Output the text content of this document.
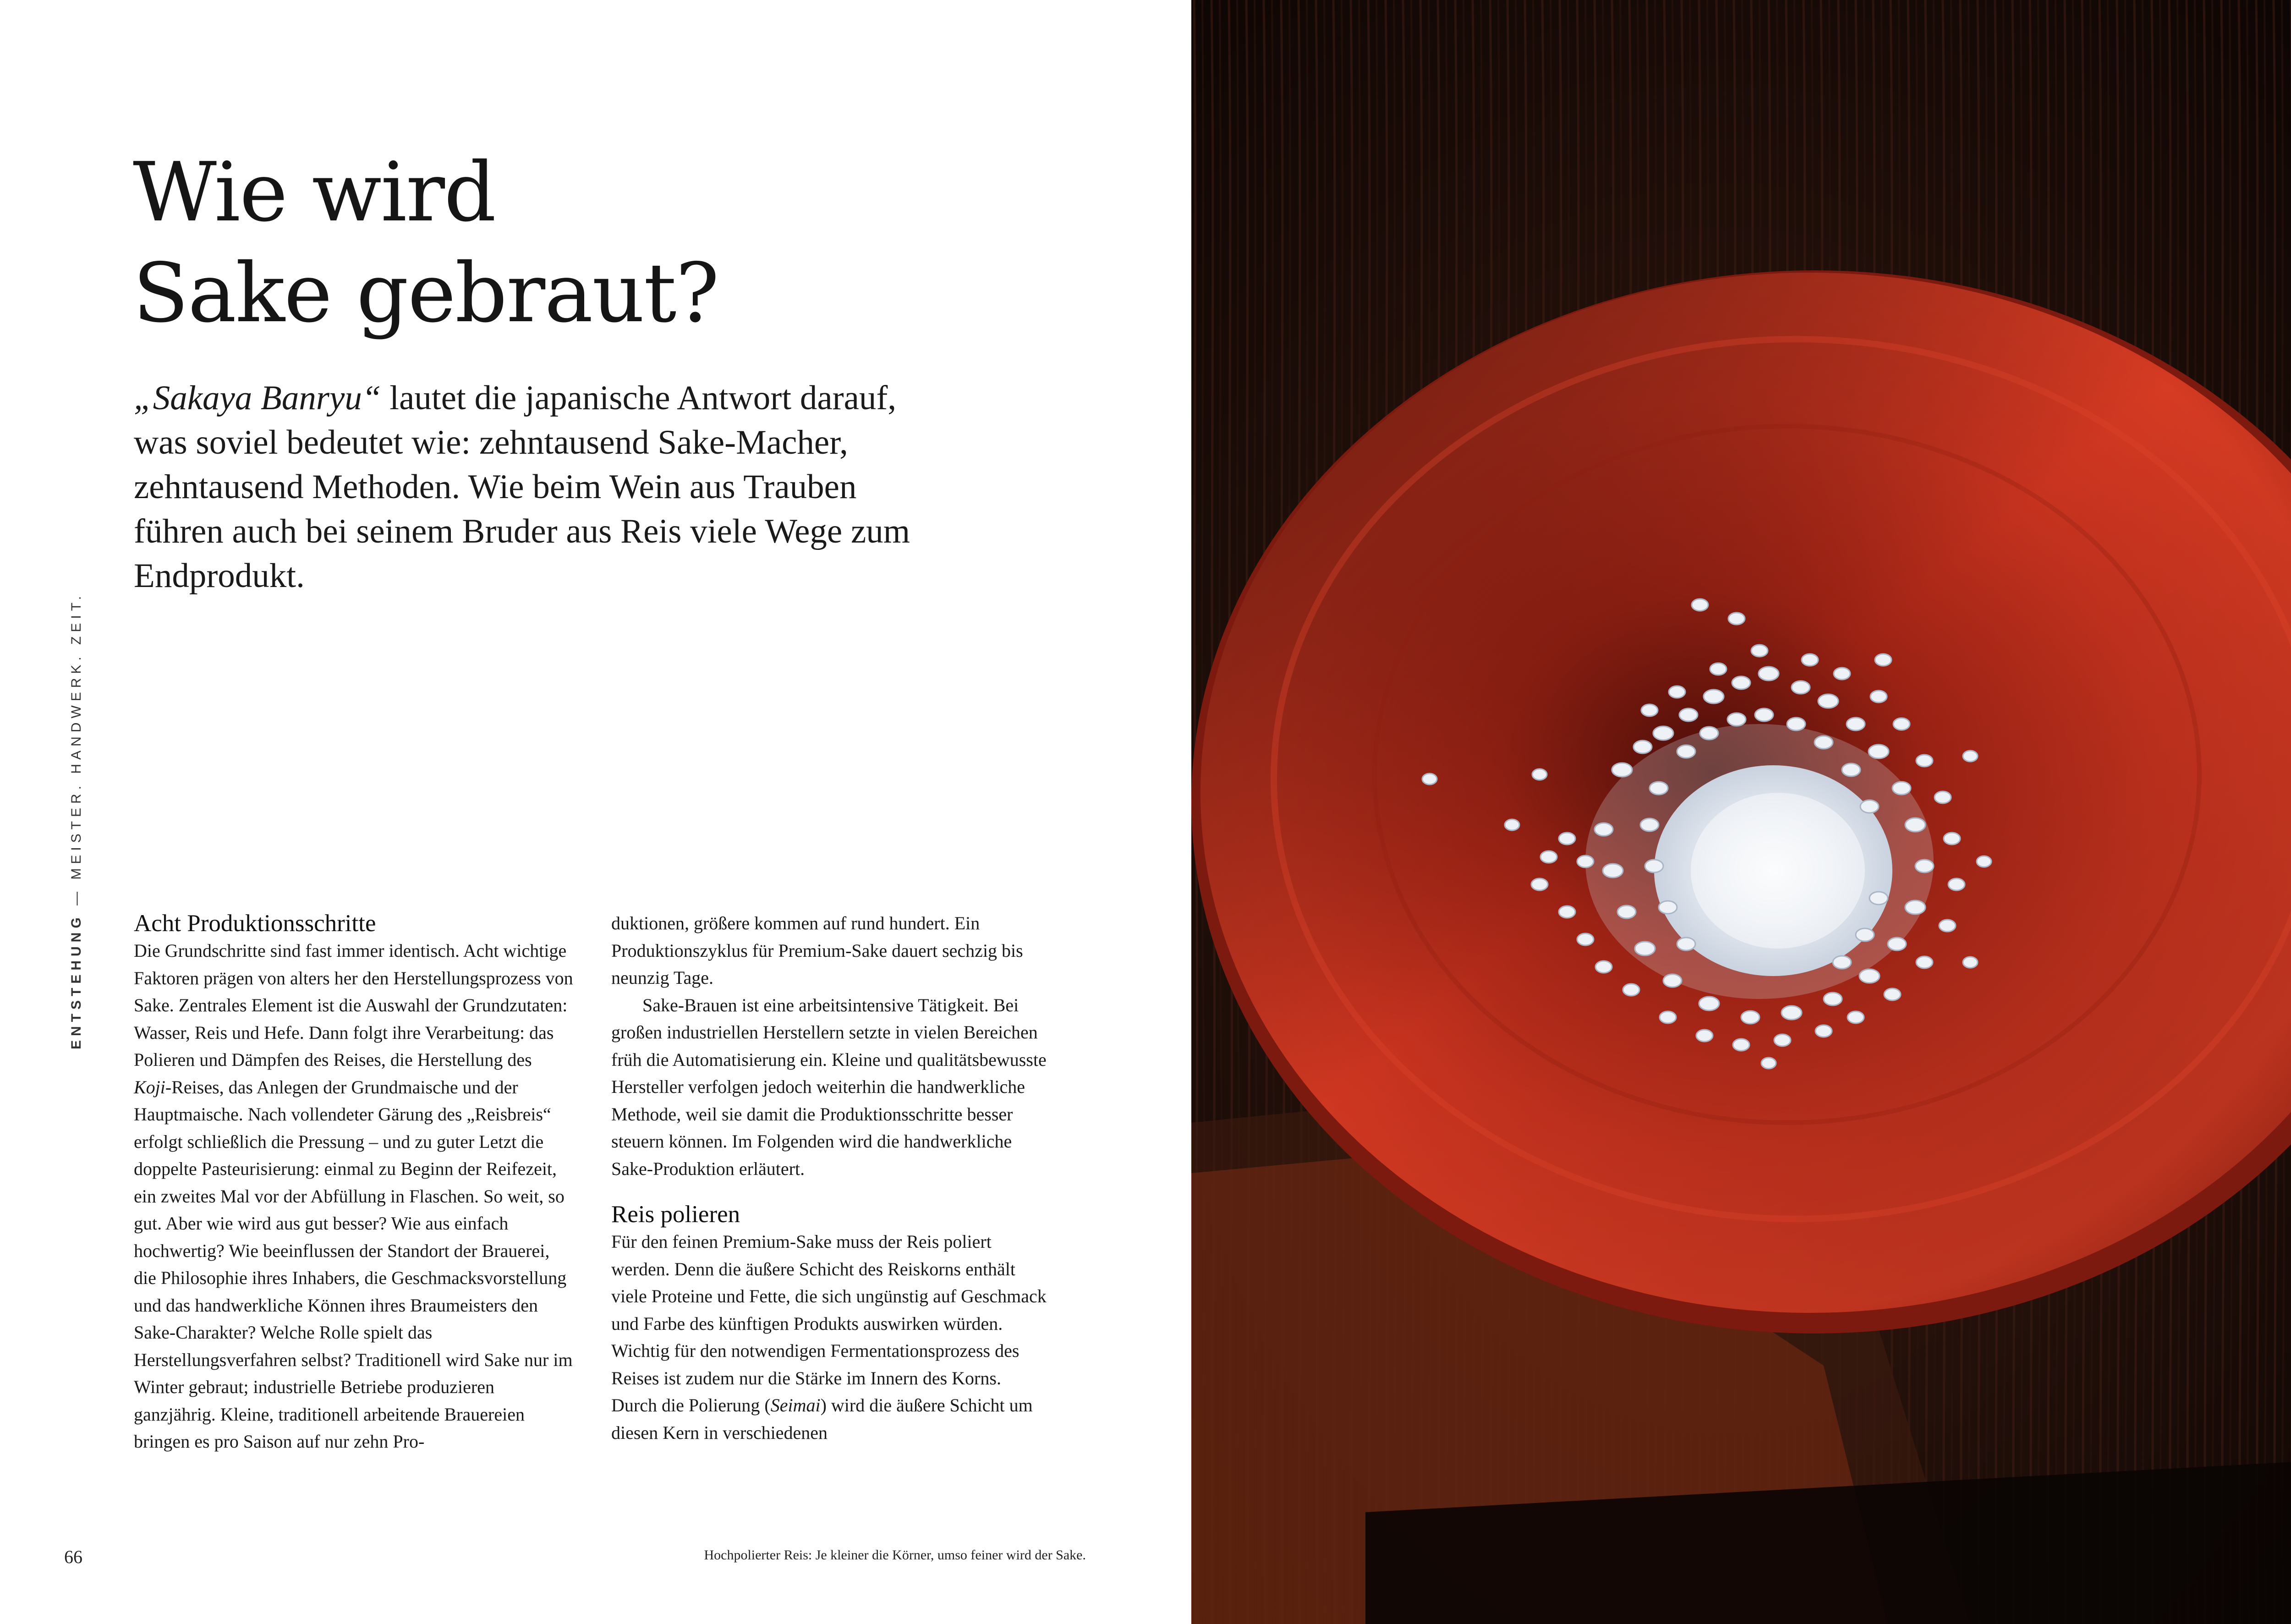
Wie wird
Sake gebraut?

„Sakaya Banryu“ lautet die japanische Antwort darauf, was soviel bedeutet wie: zehntausend Sake-Macher, zehntausend Methoden. Wie beim Wein aus Trauben führen auch bei seinem Bruder aus Reis viele Wege zum Endprodukt.

ENTSTEHUNG — MEISTER. HANDWERK. ZEIT.
Acht Produktionsschritte

Die Grundschritte sind fast immer identisch. Acht wichtige Faktoren prägen von alters her den Herstellungsprozess von Sake. Zentrales Element ist die Auswahl der Grundzutaten: Wasser, Reis und Hefe. Dann folgt ihre Verarbeitung: das Polieren und Dämpfen des Reises, die Herstellung des Koji-Reises, das Anlegen der Grundmaische und der Hauptmaische. Nach vollendeter Gärung des „Reisbreis“ erfolgt schließlich die Pressung – und zu guter Letzt die doppelte Pasteurisierung: einmal zu Beginn der Reifezeit, ein zweites Mal vor der Abfüllung in Flaschen. So weit, so gut. Aber wie wird aus gut besser? Wie aus einfach hochwertig? Wie beeinflussen der Standort der Brauerei, die Philosophie ihres Inhabers, die Geschmacksvorstellung und das handwerkliche Können ihres Braumeisters den Sake-Charakter? Welche Rolle spielt das Herstellungsverfahren selbst? Traditionell wird Sake nur im Winter gebraut; industrielle Betriebe produzieren ganzjährig. Kleine, traditionell arbeitende Brauereien bringen es pro Saison auf nur zehn Pro-

duktionen, größere kommen auf rund hundert. Ein Produktionszyklus für Premium-Sake dauert sechzig bis neunzig Tage.

Sake-Brauen ist eine arbeitsintensive Tätigkeit. Bei großen industriellen Herstellern setzte in vielen Bereichen früh die Automatisierung ein. Kleine und qualitätsbewusste Hersteller verfolgen jedoch weiterhin die handwerkliche Methode, weil sie damit die Produktionsschritte besser steuern können. Im Folgenden wird die handwerkliche Sake-Produktion erläutert.

Reis polieren

Für den feinen Premium-Sake muss der Reis poliert werden. Denn die äußere Schicht des Reiskorns enthält viele Proteine und Fette, die sich ungünstig auf Geschmack und Farbe des künftigen Produkts auswirken würden. Wichtig für den notwendigen Fermentationsprozess des Reises ist zudem nur die Stärke im Innern des Korns. Durch die Polierung (Seimai) wird die äußere Schicht um diesen Kern in verschiedenen

66	Hochpolierter Reis: Je kleiner die Körner, umso feiner wird der Sake.
